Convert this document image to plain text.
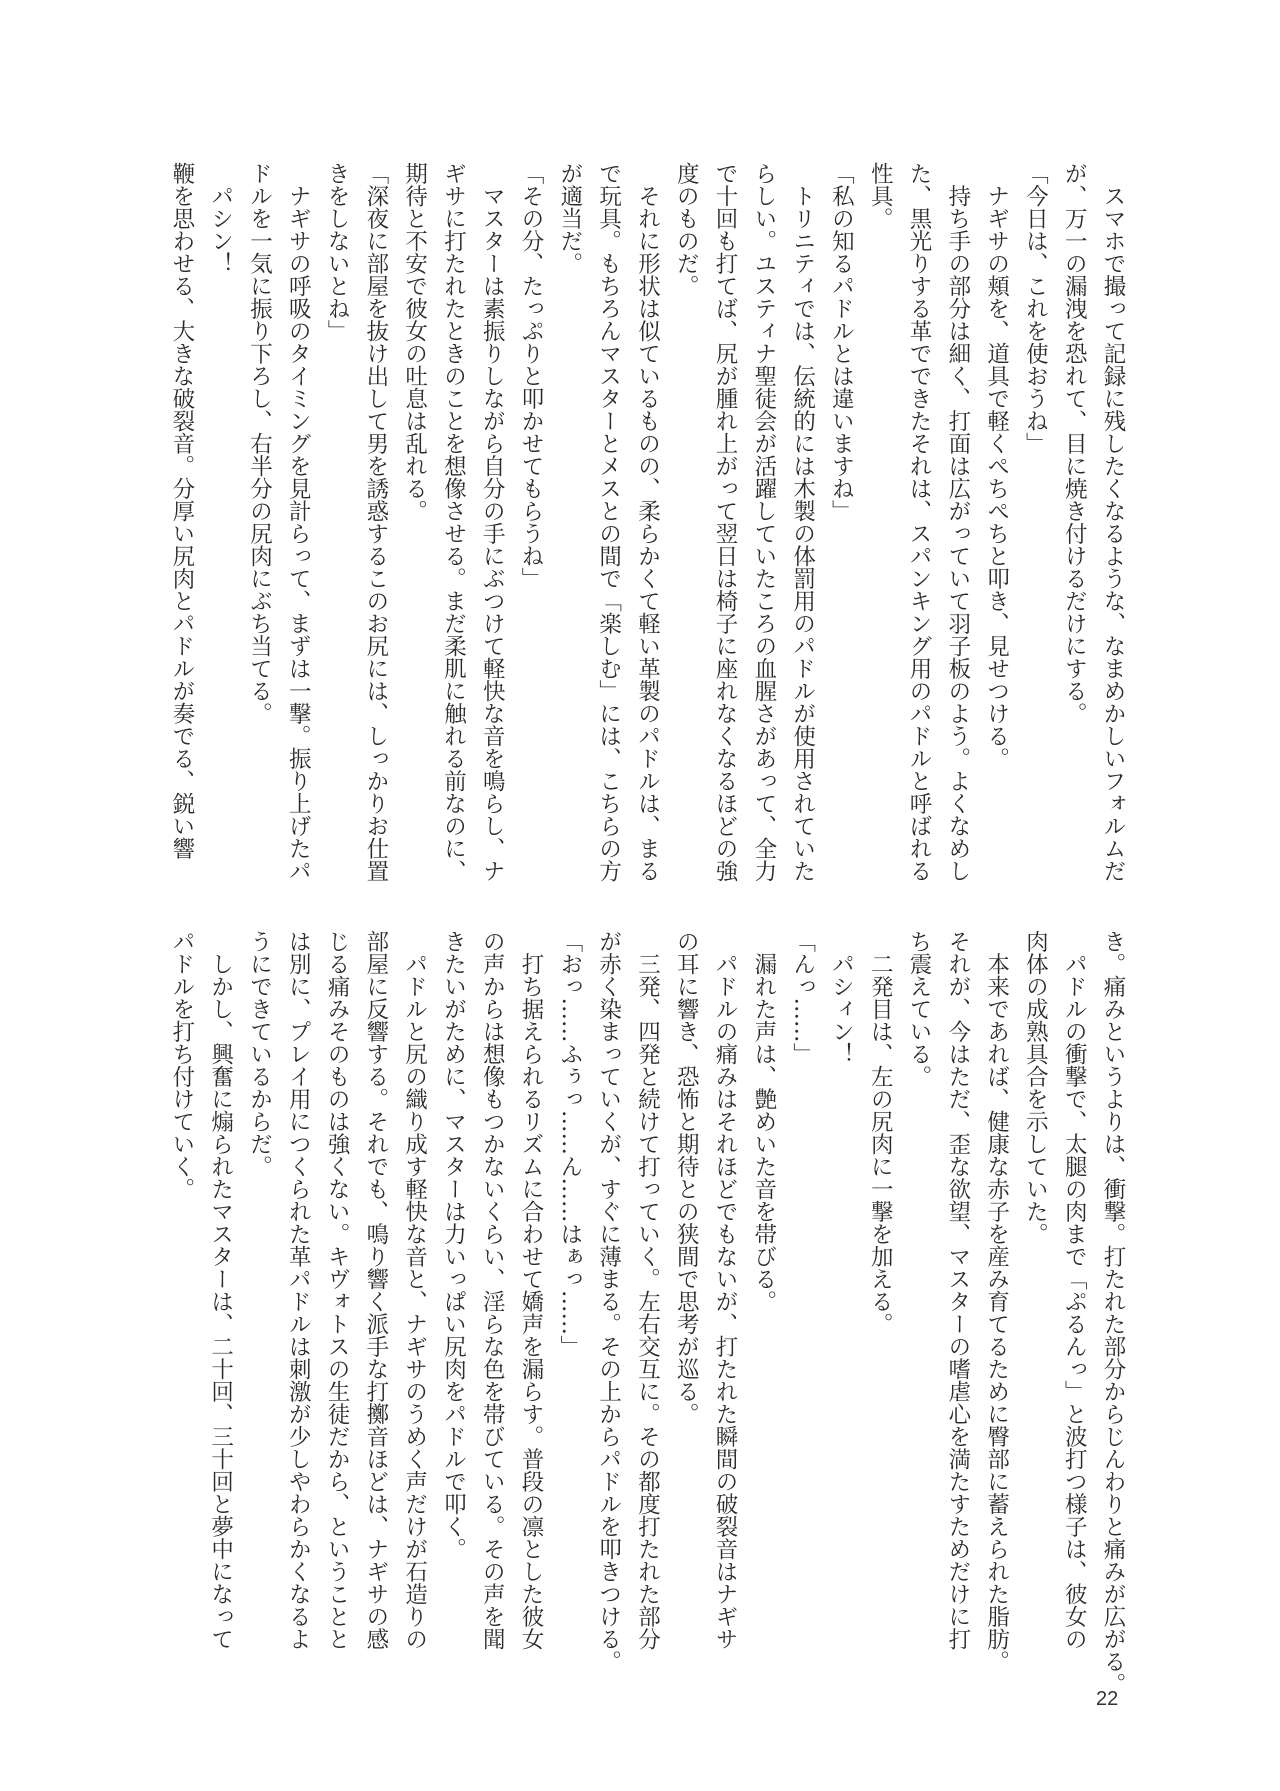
　スマホで撮って記録に残したくなるような、なまめかしいフォルムだ
が、万一の漏洩を恐れて、目に焼き付けるだけにする。
「今日は、これを使おうね」
　ナギサの頬を、道具で軽くぺちぺちと叩き、見せつける。
　持ち手の部分は細く、打面は広がっていて羽子板のよう。よくなめし
た、黒光りする革でできたそれは、スパンキング用のパドルと呼ばれる
性具。
「私の知るパドルとは違いますね」
　トリニティでは、伝統的には木製の体罰用のパドルが使用されていた
らしい。ユスティナ聖徒会が活躍していたころの血腥さがあって、全力
で十回も打てば、尻が腫れ上がって翌日は椅子に座れなくなるほどの強
度のものだ。
　それに形状は似ているものの、柔らかくて軽い革製のパドルは、まる
で玩具。もちろんマスターとメスとの間で「楽しむ」には、こちらの方
が適当だ。
「その分、たっぷりと叩かせてもらうね」
　マスターは素振りしながら自分の手にぶつけて軽快な音を鳴らし、ナ
ギサに打たれたときのことを想像させる。まだ柔肌に触れる前なのに、
期待と不安で彼女の吐息は乱れる。
「深夜に部屋を抜け出して男を誘惑するこのお尻には、しっかりお仕置
きをしないとね」
　ナギサの呼吸のタイミングを見計らって、まずは一撃。振り上げたパ
ドルを一気に振り下ろし、右半分の尻肉にぶち当てる。
　パシン！
鞭を思わせる、大きな破裂音。分厚い尻肉とパドルが奏でる、鋭い響
き。痛みというよりは、衝撃。打たれた部分からじんわりと痛みが広がる。
　パドルの衝撃で、太腿の肉まで「ぷるんっ」と波打つ様子は、彼女の
肉体の成熟具合を示していた。
　本来であれば、健康な赤子を産み育てるために臀部に蓄えられた脂肪。
それが、今はただ、歪な欲望、マスターの嗜虐心を満たすためだけに打
ち震えている。
　二発目は、左の尻肉に一撃を加える。
　パシィン！
「んっ……」
　漏れた声は、艶めいた音を帯びる。
　パドルの痛みはそれほどでもないが、打たれた瞬間の破裂音はナギサ
の耳に響き、恐怖と期待との狭間で思考が巡る。
　三発、四発と続けて打っていく。左右交互に。その都度打たれた部分
が赤く染まっていくが、すぐに薄まる。その上からパドルを叩きつける。
「おっ……ふぅっ……ん……はぁっ……」
　打ち据えられるリズムに合わせて嬌声を漏らす。普段の凛とした彼女
の声からは想像もつかないくらい、淫らな色を帯びている。その声を聞
きたいがために、マスターは力いっぱい尻肉をパドルで叩く。
　パドルと尻の織り成す軽快な音と、ナギサのうめく声だけが石造りの
部屋に反響する。それでも、鳴り響く派手な打擲音ほどは、ナギサの感
じる痛みそのものは強くない。キヴォトスの生徒だから、ということと
は別に、プレイ用につくられた革パドルは刺激が少しやわらかくなるよ
うにできているからだ。
　しかし、興奮に煽られたマスターは、二十回、三十回と夢中になって
パドルを打ち付けていく。
22
